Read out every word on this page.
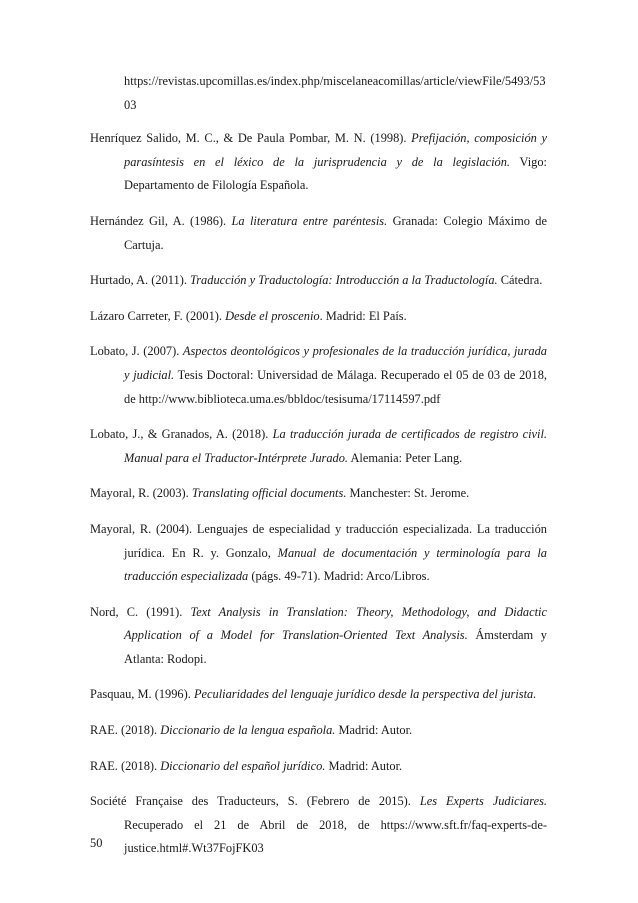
https://revistas.upcomillas.es/index.php/miscelaneacomillas/article/viewFile/5493/5303

Henríquez Salido, M. C., & De Paula Pombar, M. N. (1998). Prefijación, composición y parasíntesis en el léxico de la jurisprudencia y de la legislación. Vigo: Departamento de Filología Española.

Hernández Gil, A. (1986). La literatura entre paréntesis. Granada: Colegio Máximo de Cartuja.

Hurtado, A. (2011). Traducción y Traductología: Introducción a la Traductología. Cátedra.

Lázaro Carreter, F. (2001). Desde el proscenio. Madrid: El País.

Lobato, J. (2007). Aspectos deontológicos y profesionales de la traducción jurídica, jurada y judicial. Tesis Doctoral: Universidad de Málaga. Recuperado el 05 de 03 de 2018, de http://www.biblioteca.uma.es/bbldoc/tesisuma/17114597.pdf

Lobato, J., & Granados, A. (2018). La traducción jurada de certificados de registro civil. Manual para el Traductor-Intérprete Jurado. Alemania: Peter Lang.

Mayoral, R. (2003). Translating official documents. Manchester: St. Jerome.

Mayoral, R. (2004). Lenguajes de especialidad y traducción especializada. La traducción jurídica. En R. y. Gonzalo, Manual de documentación y terminología para la traducción especializada (págs. 49-71). Madrid: Arco/Libros.

Nord, C. (1991). Text Analysis in Translation: Theory, Methodology, and Didactic Application of a Model for Translation-Oriented Text Analysis. Ámsterdam y Atlanta: Rodopi.

Pasquau, M. (1996). Peculiaridades del lenguaje jurídico desde la perspectiva del jurista.

RAE. (2018). Diccionario de la lengua española. Madrid: Autor.

RAE. (2018). Diccionario del español jurídico. Madrid: Autor.

Société Française des Traducteurs, S. (Febrero de 2015). Les Experts Judiciares. Recuperado el 21 de Abril de 2018, de https://www.sft.fr/faq-experts-de-justice.html#.Wt37FojFK03

50
